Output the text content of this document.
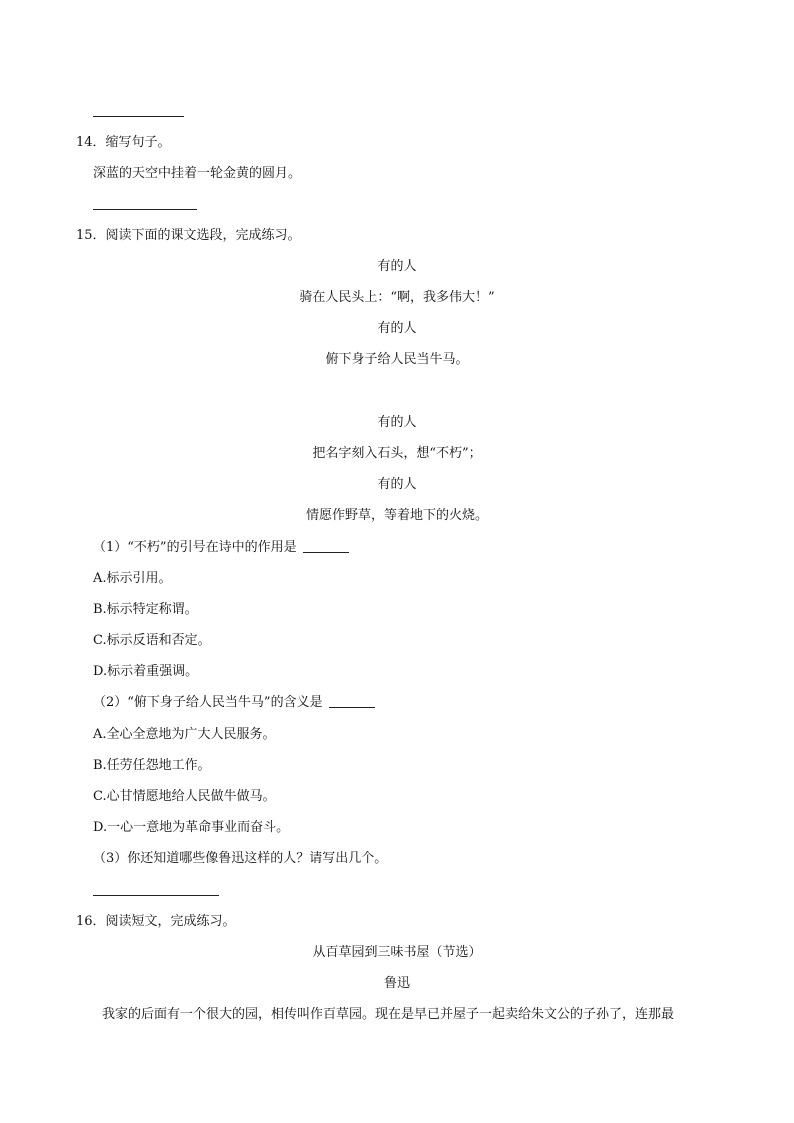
14．缩写句子。
深蓝的天空中挂着一轮金黄的圆月。
15．阅读下面的课文选段，完成练习。
有的人
骑在人民头上：“啊，我多伟大！”
有的人
俯下身子给人民当牛马。
有的人
把名字刻入石头，想“不朽”；
有的人
情愿作野草，等着地下的火烧。
（1）“不朽”的引号在诗中的作用是
A.标示引用。
B.标示特定称谓。
C.标示反语和否定。
D.标示着重强调。
（2）“俯下身子给人民当牛马”的含义是
A.全心全意地为广大人民服务。
B.任劳任怨地工作。
C.心甘情愿地给人民做牛做马。
D.一心一意地为革命事业而奋斗。
（3）你还知道哪些像鲁迅这样的人？请写出几个。
16．阅读短文，完成练习。
从百草园到三味书屋（节选）
鲁迅
我家的后面有一个很大的园，相传叫作百草园。现在是早已并屋子一起卖给朱文公的子孙了，连那最
